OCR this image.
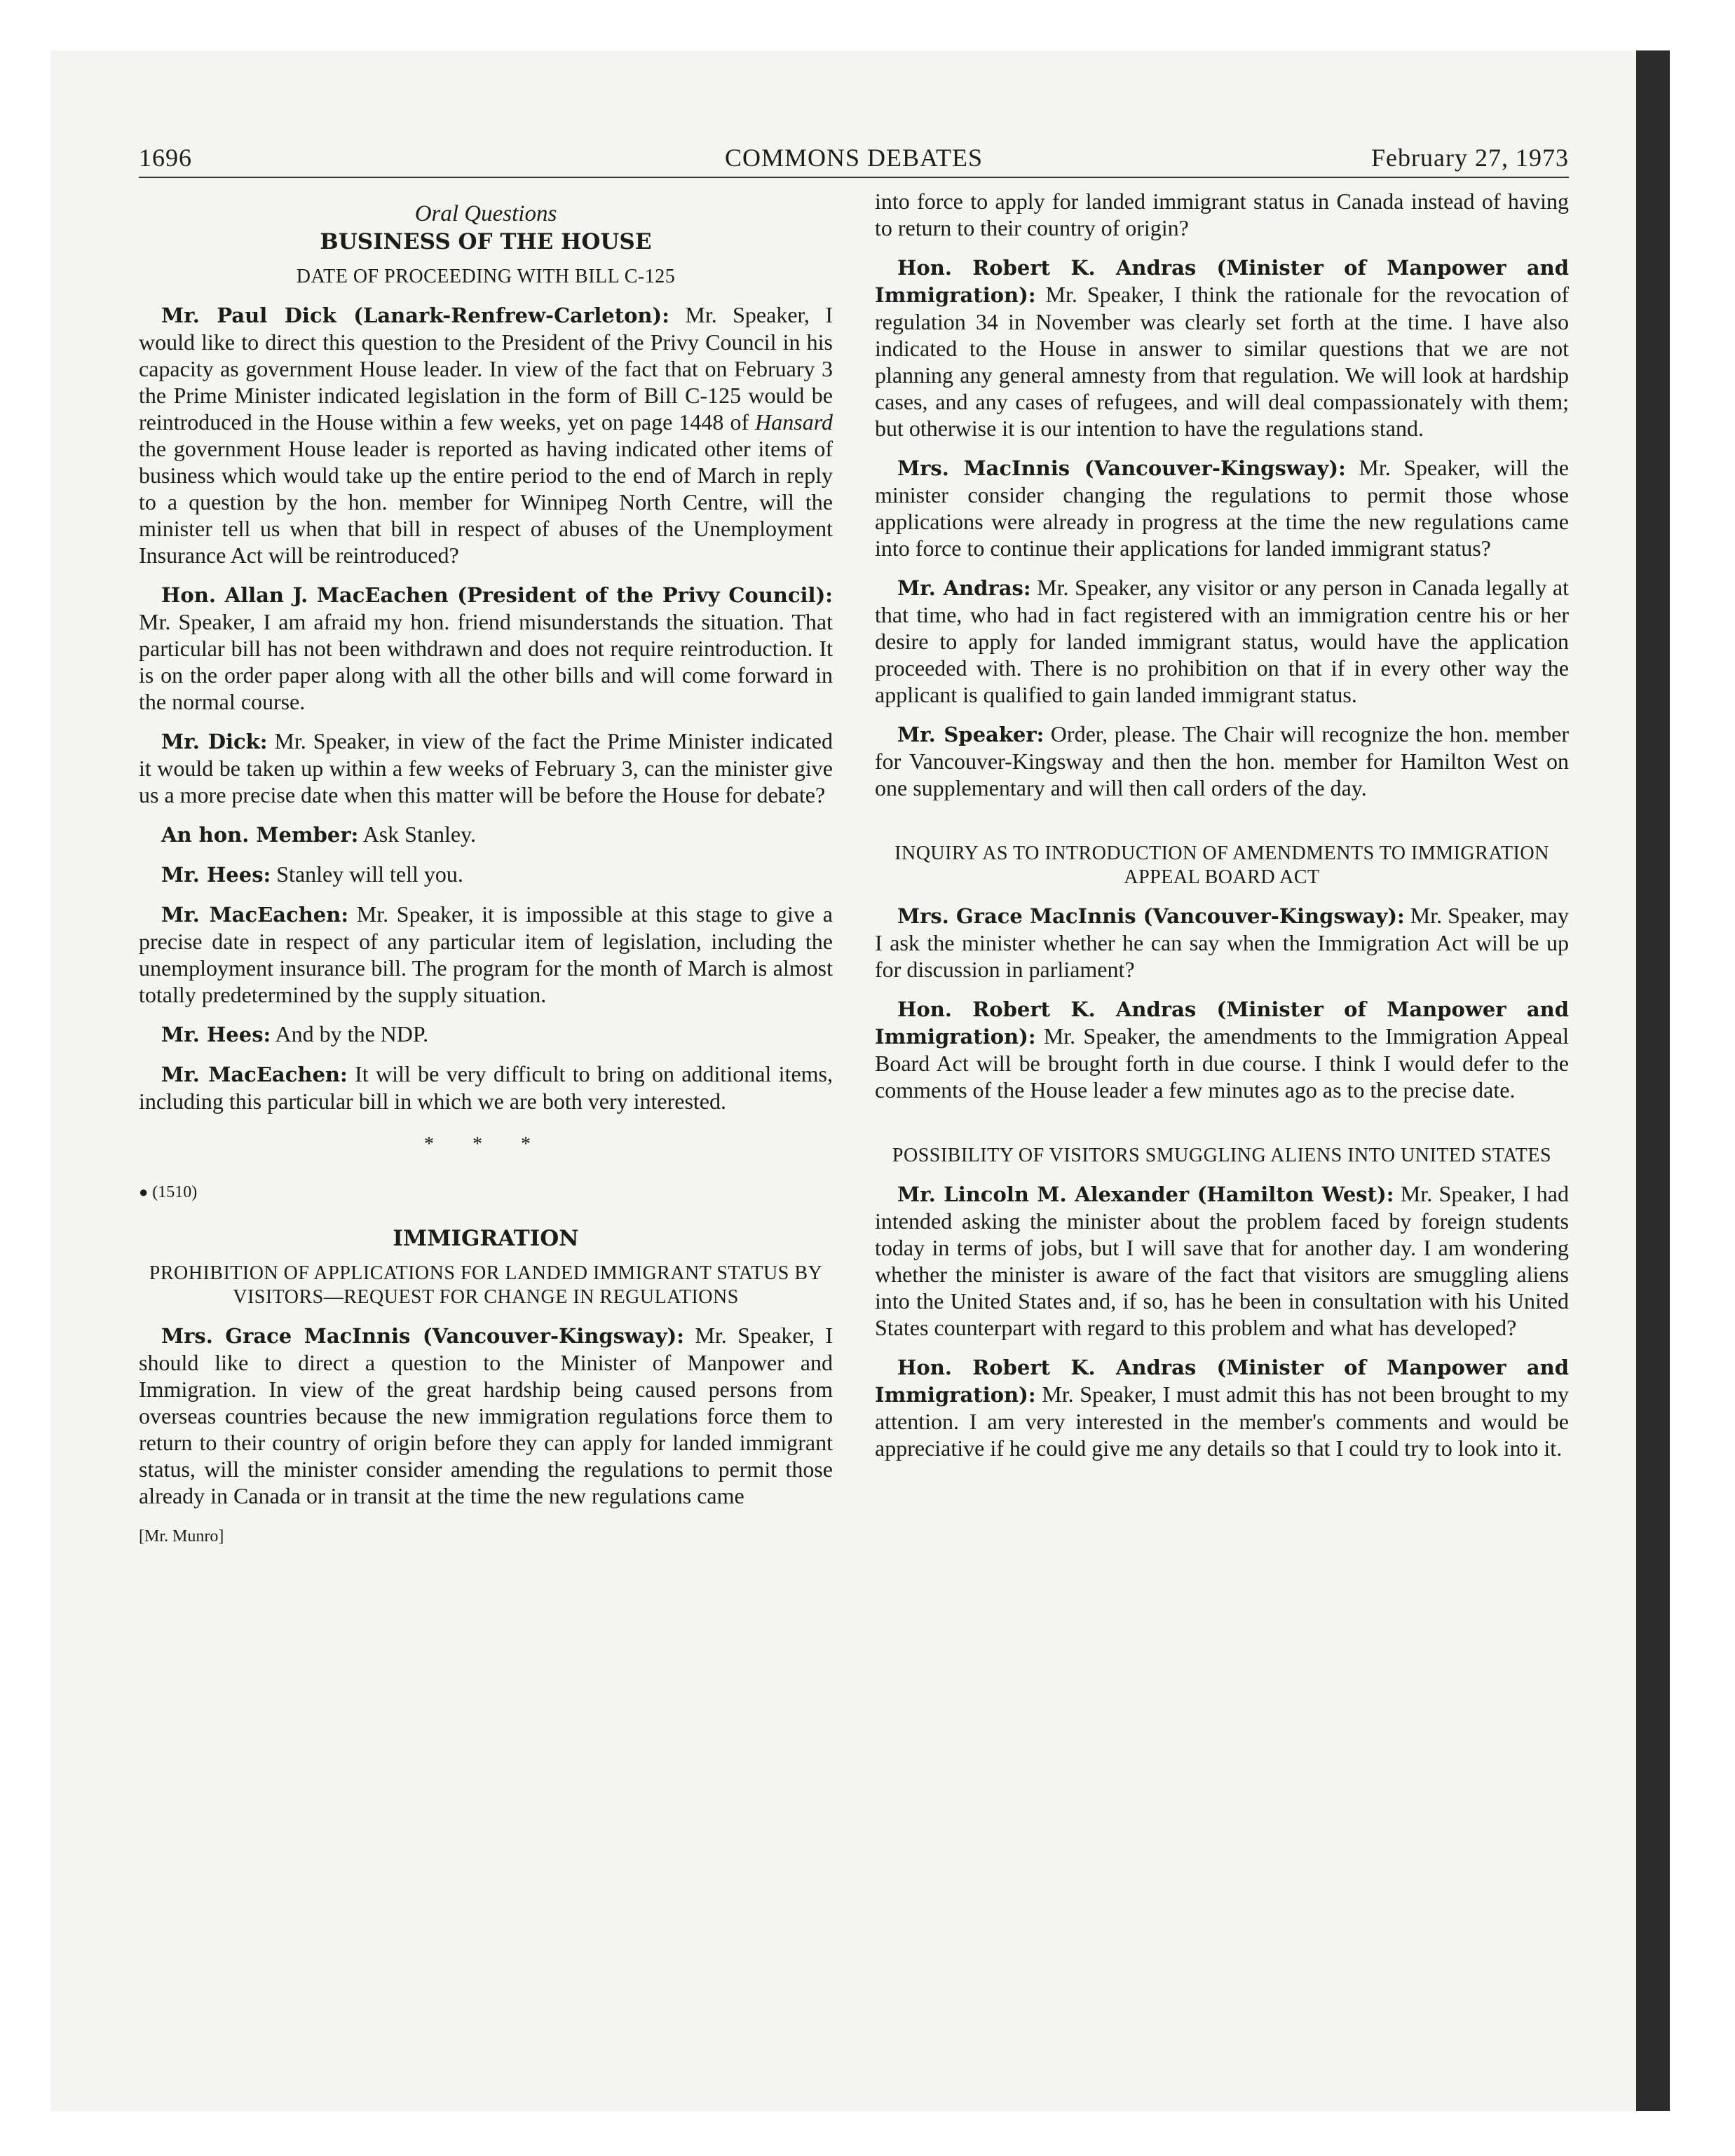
1696	COMMONS DEBATES	February 27, 1973
Oral Questions
BUSINESS OF THE HOUSE
DATE OF PROCEEDING WITH BILL C-125

Mr. Paul Dick (Lanark-Renfrew-Carleton): Mr. Speaker, I would like to direct this question to the President of the Privy Council in his capacity as government House leader. In view of the fact that on February 3 the Prime Minister indicated legislation in the form of Bill C-125 would be reintroduced in the House within a few weeks, yet on page 1448 of Hansard the government House leader is reported as having indicated other items of business which would take up the entire period to the end of March in reply to a question by the hon. member for Winnipeg North Centre, will the minister tell us when that bill in respect of abuses of the Unemployment Insurance Act will be reintroduced?

Hon. Allan J. MacEachen (President of the Privy Council): Mr. Speaker, I am afraid my hon. friend misunderstands the situation. That particular bill has not been withdrawn and does not require reintroduction. It is on the order paper along with all the other bills and will come forward in the normal course.

Mr. Dick: Mr. Speaker, in view of the fact the Prime Minister indicated it would be taken up within a few weeks of February 3, can the minister give us a more precise date when this matter will be before the House for debate?

An hon. Member: Ask Stanley.

Mr. Hees: Stanley will tell you.

Mr. MacEachen: Mr. Speaker, it is impossible at this stage to give a precise date in respect of any particular item of legislation, including the unemployment insurance bill. The program for the month of March is almost totally predetermined by the supply situation.

Mr. Hees: And by the NDP.

Mr. MacEachen: It will be very difficult to bring on additional items, including this particular bill in which we are both very interested.

* * *
● (1510)
IMMIGRATION
PROHIBITION OF APPLICATIONS FOR LANDED IMMIGRANT STATUS BY VISITORS—REQUEST FOR CHANGE IN REGULATIONS

Mrs. Grace MacInnis (Vancouver-Kingsway): Mr. Speaker, I should like to direct a question to the Minister of Manpower and Immigration. In view of the great hardship being caused persons from overseas countries because the new immigration regulations force them to return to their country of origin before they can apply for landed immigrant status, will the minister consider amending the regulations to permit those already in Canada or in transit at the time the new regulations came

[Mr. Munro]

into force to apply for landed immigrant status in Canada instead of having to return to their country of origin?

Hon. Robert K. Andras (Minister of Manpower and Immigration): Mr. Speaker, I think the rationale for the revocation of regulation 34 in November was clearly set forth at the time. I have also indicated to the House in answer to similar questions that we are not planning any general amnesty from that regulation. We will look at hardship cases, and any cases of refugees, and will deal compassionately with them; but otherwise it is our intention to have the regulations stand.

Mrs. MacInnis (Vancouver-Kingsway): Mr. Speaker, will the minister consider changing the regulations to permit those whose applications were already in progress at the time the new regulations came into force to continue their applications for landed immigrant status?

Mr. Andras: Mr. Speaker, any visitor or any person in Canada legally at that time, who had in fact registered with an immigration centre his or her desire to apply for landed immigrant status, would have the application proceeded with. There is no prohibition on that if in every other way the applicant is qualified to gain landed immigrant status.

Mr. Speaker: Order, please. The Chair will recognize the hon. member for Vancouver-Kingsway and then the hon. member for Hamilton West on one supplementary and will then call orders of the day.

INQUIRY AS TO INTRODUCTION OF AMENDMENTS TO IMMIGRATION APPEAL BOARD ACT

Mrs. Grace MacInnis (Vancouver-Kingsway): Mr. Speaker, may I ask the minister whether he can say when the Immigration Act will be up for discussion in parliament?

Hon. Robert K. Andras (Minister of Manpower and Immigration): Mr. Speaker, the amendments to the Immigration Appeal Board Act will be brought forth in due course. I think I would defer to the comments of the House leader a few minutes ago as to the precise date.

POSSIBILITY OF VISITORS SMUGGLING ALIENS INTO UNITED STATES

Mr. Lincoln M. Alexander (Hamilton West): Mr. Speaker, I had intended asking the minister about the problem faced by foreign students today in terms of jobs, but I will save that for another day. I am wondering whether the minister is aware of the fact that visitors are smuggling aliens into the United States and, if so, has he been in consultation with his United States counterpart with regard to this problem and what has developed?

Hon. Robert K. Andras (Minister of Manpower and Immigration): Mr. Speaker, I must admit this has not been brought to my attention. I am very interested in the member's comments and would be appreciative if he could give me any details so that I could try to look into it.
